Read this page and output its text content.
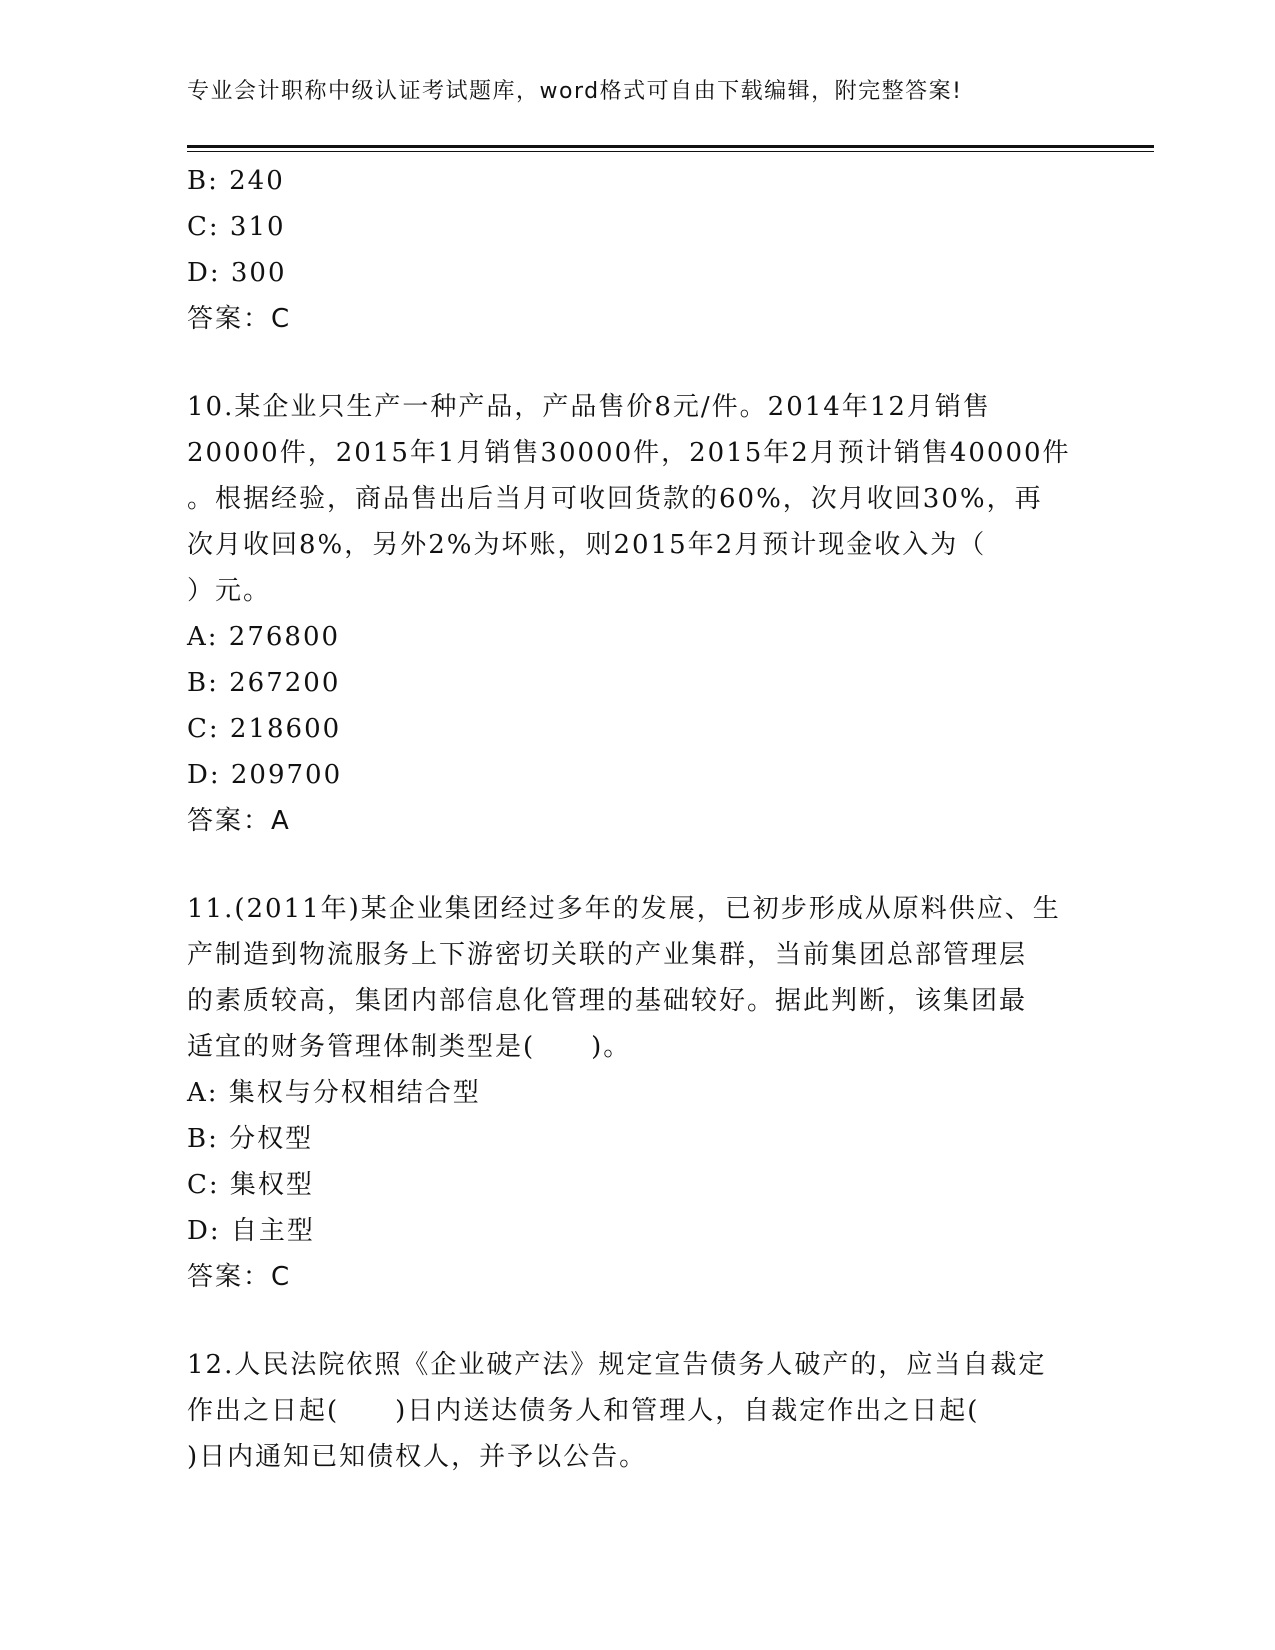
专业会计职称中级认证考试题库，word格式可自由下载编辑，附完整答案!
B: 240
C: 310
D: 300
答案：C
10.某企业只生产一种产品，产品售价8元/件。2014年12月销售
20000件，2015年1月销售30000件，2015年2月预计销售40000件
。根据经验，商品售出后当月可收回货款的60%，次月收回30%，再
次月收回8%，另外2%为坏账，则2015年2月预计现金收入为（
）元。
A: 276800
B: 267200
C: 218600
D: 209700
答案：A
11.(2011年)某企业集团经过多年的发展，已初步形成从原料供应、生
产制造到物流服务上下游密切关联的产业集群，当前集团总部管理层
的素质较高，集团内部信息化管理的基础较好。据此判断，该集团最
适宜的财务管理体制类型是(　　)。
A: 集权与分权相结合型
B: 分权型
C: 集权型
D: 自主型
答案：C
12.人民法院依照《企业破产法》规定宣告债务人破产的，应当自裁定
作出之日起(　　)日内送达债务人和管理人，自裁定作出之日起(
)日内通知已知债权人，并予以公告。
